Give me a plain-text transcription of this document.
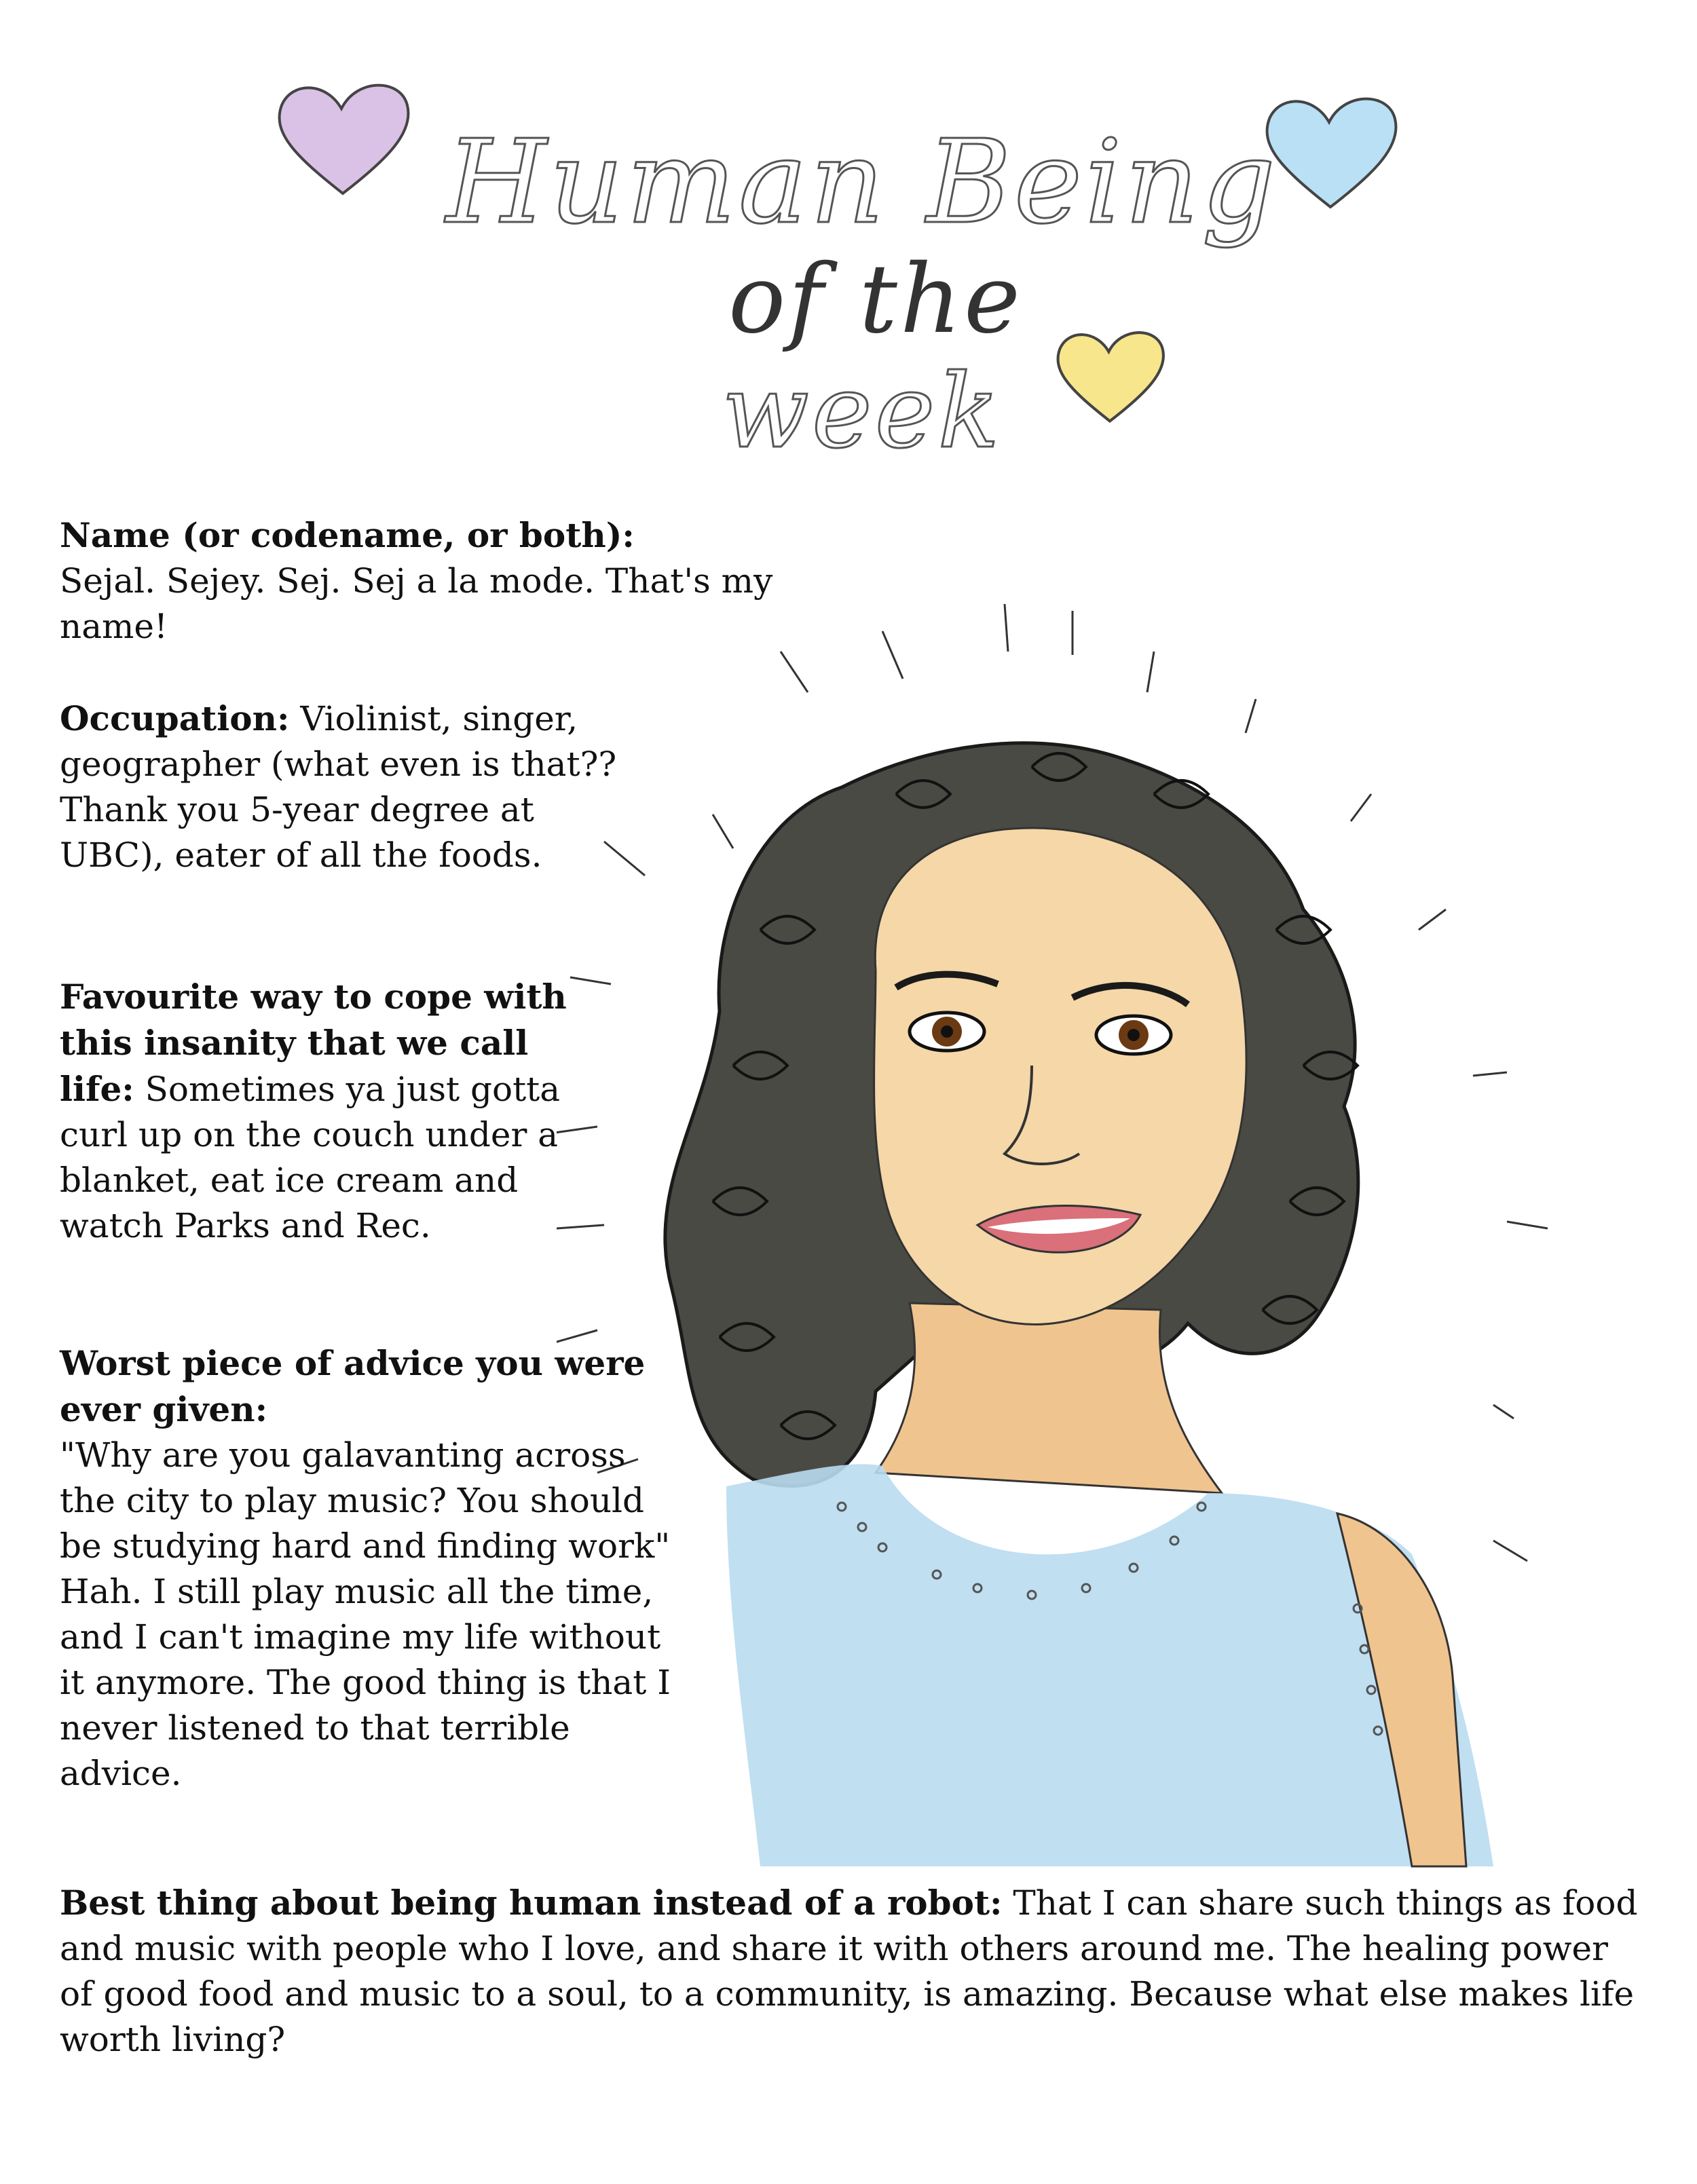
Human Being
of the
week

Name (or codename, or both):
Sejal. Sejey. Sej. Sej a la mode. That's my name!

Occupation: Violinist, singer, geographer (what even is that?? Thank you 5-year degree at UBC), eater of all the foods.

Favourite way to cope with this insanity that we call life: Sometimes ya just gotta curl up on the couch under a blanket, eat ice cream and watch Parks and Rec.

Worst piece of advice you were ever given:
"Why are you galavanting across the city to play music? You should be studying hard and finding work" Hah. I still play music all the time, and I can't imagine my life without it anymore. The good thing is that I never listened to that terrible advice.

Best thing about being human instead of a robot: That I can share such things as food and music with people who I love, and share it with others around me. The healing power of good food and music to a soul, to a community, is amazing. Because what else makes life worth living?
